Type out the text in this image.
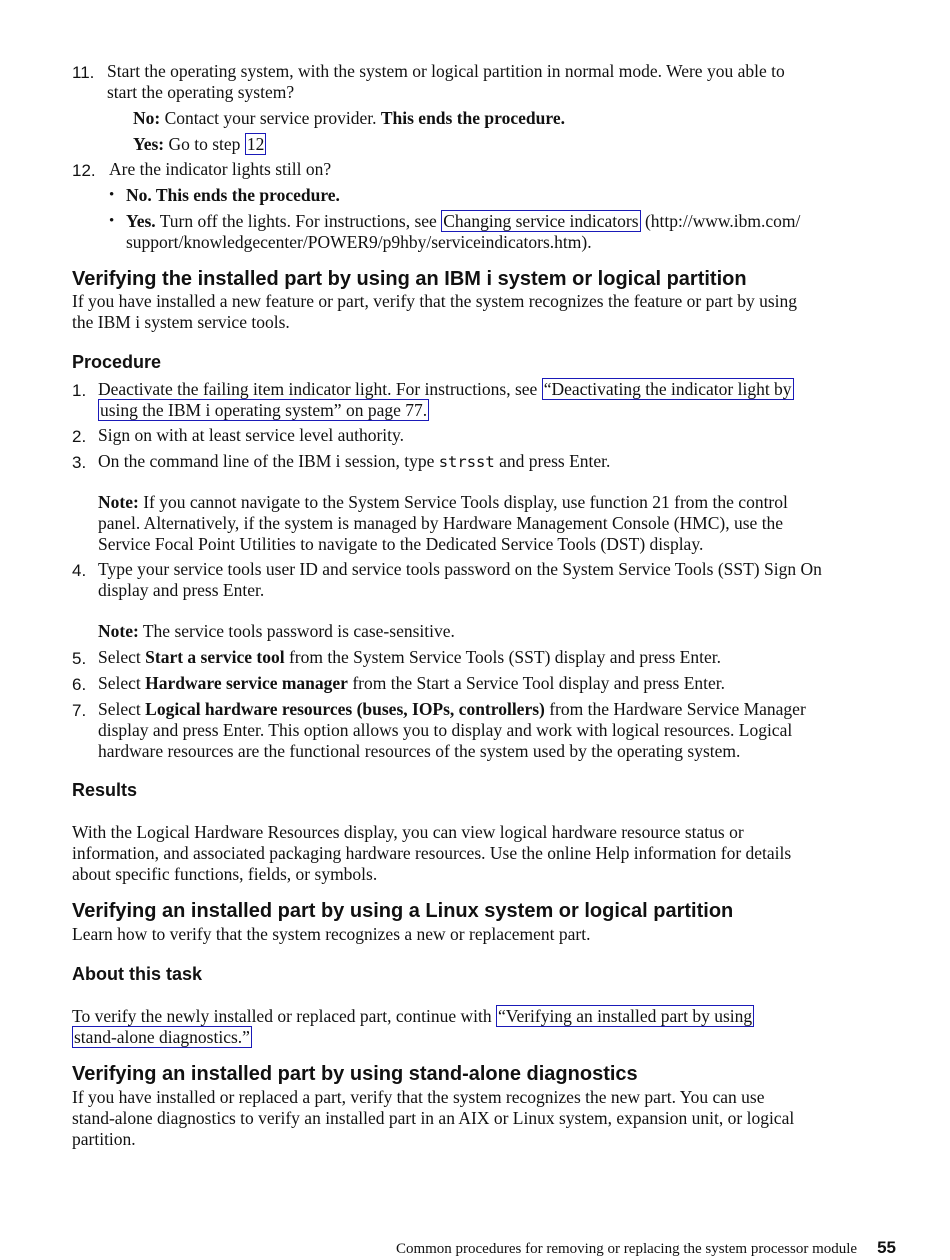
11. Start the operating system, with the system or logical partition in normal mode. Were you able to
start the operating system?
No: Contact your service provider. This ends the procedure.
Yes: Go to step 12
12. Are the indicator lights still on?
• No. This ends the procedure.
• Yes. Turn off the lights. For instructions, see Changing service indicators (http://www.ibm.com/
support/knowledgecenter/POWER9/p9hby/serviceindicators.htm).
Verifying the installed part by using an IBM i system or logical partition
If you have installed a new feature or part, verify that the system recognizes the feature or part by using
the IBM i system service tools.
Procedure
1. Deactivate the failing item indicator light. For instructions, see “Deactivating the indicator light by
using the IBM i operating system” on page 77.
2. Sign on with at least service level authority.
3. On the command line of the IBM i session, type strsst and press Enter.
Note: If you cannot navigate to the System Service Tools display, use function 21 from the control
panel. Alternatively, if the system is managed by Hardware Management Console (HMC), use the
Service Focal Point Utilities to navigate to the Dedicated Service Tools (DST) display.
4. Type your service tools user ID and service tools password on the System Service Tools (SST) Sign On
display and press Enter.
Note: The service tools password is case-sensitive.
5. Select Start a service tool from the System Service Tools (SST) display and press Enter.
6. Select Hardware service manager from the Start a Service Tool display and press Enter.
7. Select Logical hardware resources (buses, IOPs, controllers) from the Hardware Service Manager
display and press Enter. This option allows you to display and work with logical resources. Logical
hardware resources are the functional resources of the system used by the operating system.
Results
With the Logical Hardware Resources display, you can view logical hardware resource status or
information, and associated packaging hardware resources. Use the online Help information for details
about specific functions, fields, or symbols.
Verifying an installed part by using a Linux system or logical partition
Learn how to verify that the system recognizes a new or replacement part.
About this task
To verify the newly installed or replaced part, continue with “Verifying an installed part by using
stand-alone diagnostics.”
Verifying an installed part by using stand-alone diagnostics
If you have installed or replaced a part, verify that the system recognizes the new part. You can use
stand-alone diagnostics to verify an installed part in an AIX or Linux system, expansion unit, or logical
partition.
Common procedures for removing or replacing the system processor module 55
